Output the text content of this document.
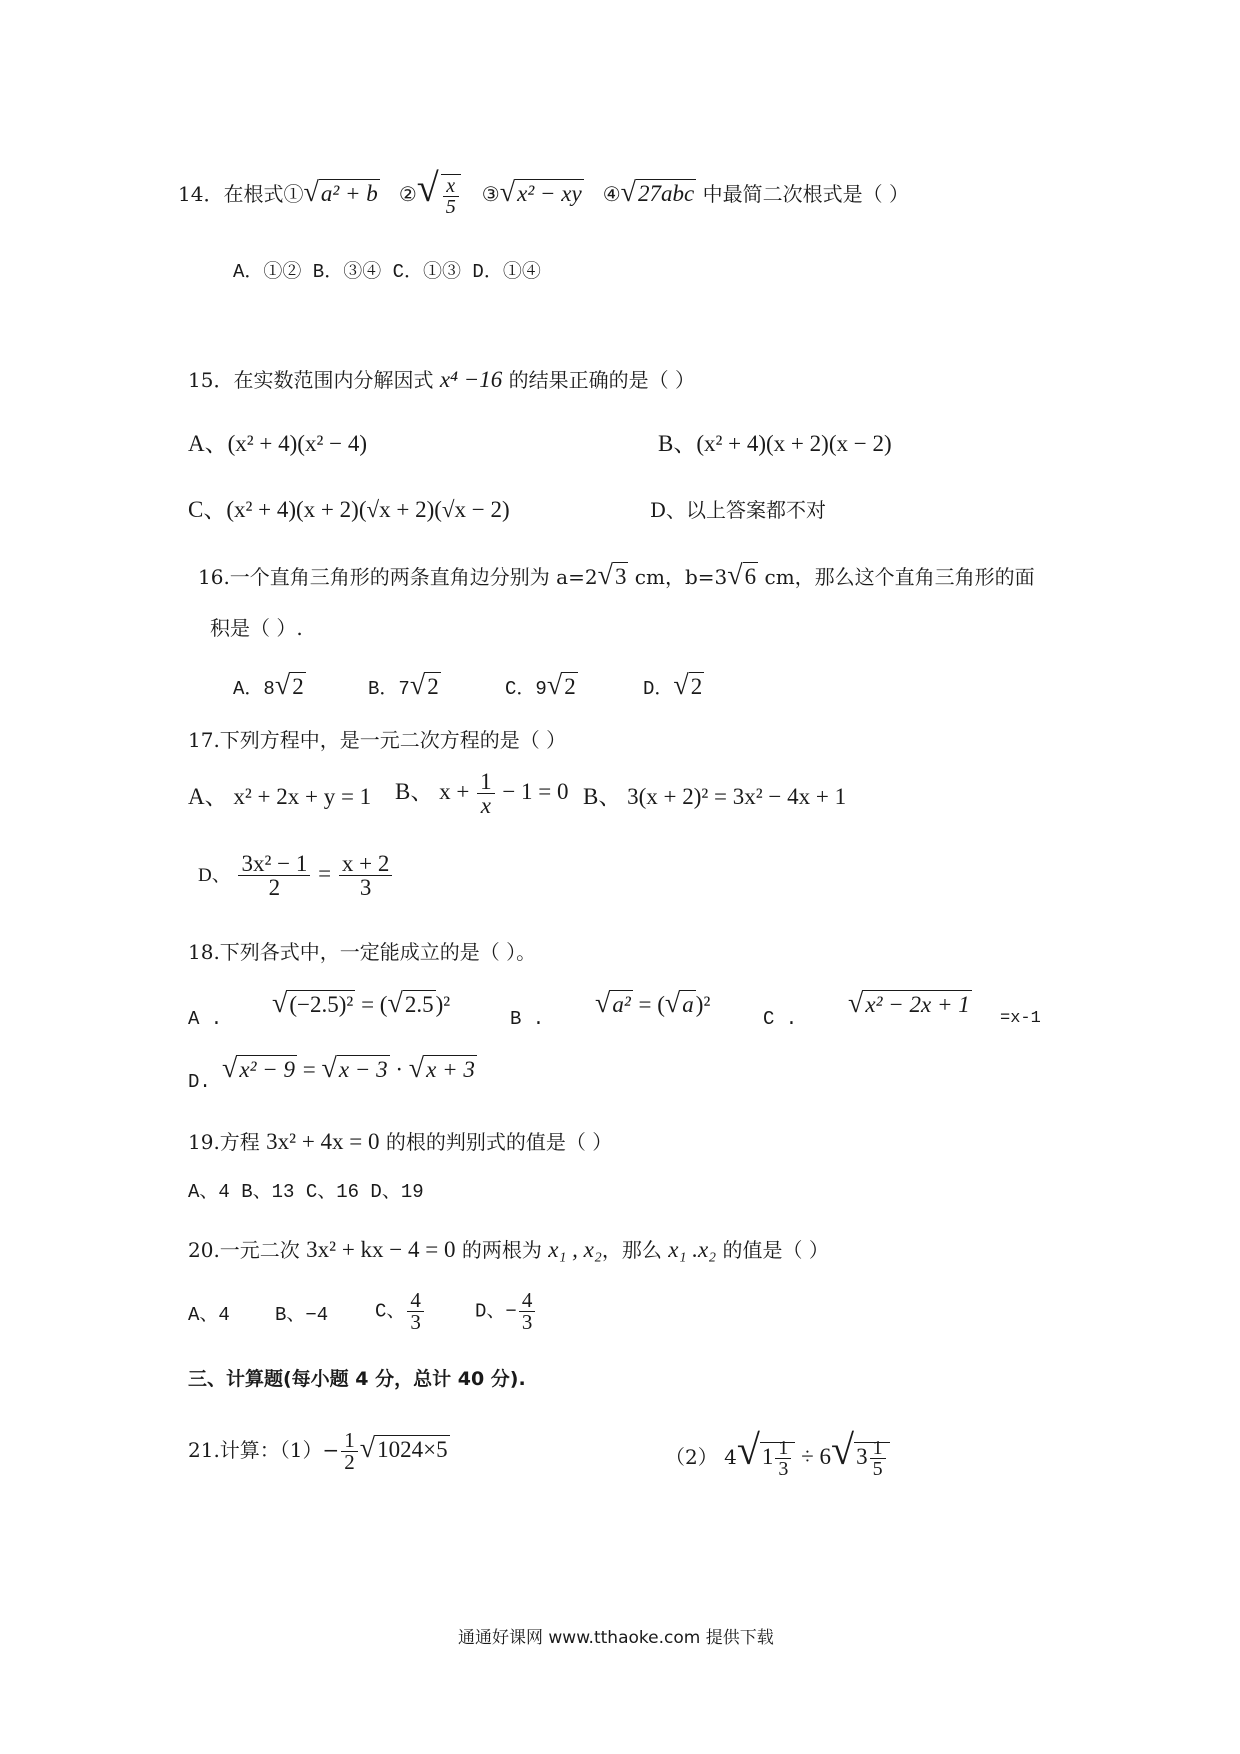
14．在根式①√a² + b ②√ $\frac{x}{5}$ ③√x² − xy ④√27abc 中最简二次根式是（ ）
A．①② B．③④ C．①③ D．①④
15．在实数范围内分解因式 x⁴ −16 的结果正确的是（ ）
A、(x² + 4)(x² − 4)	B、(x² + 4)(x + 2)(x − 2)
C、(x² + 4)(x + 2)(√x + 2)(√x − 2)	D、以上答案都不对
16.一个直角三角形的两条直角边分别为 a=2√3 cm，b=3√6 cm，那么这个直角三角形的面
积是（ ）.
A．8√2	B．7√2	C．9√2	D．√2
17.下列方程中，是一元二次方程的是（ ）
A、 x² + 2x + y = 1 B、 $x + \frac{1}{x} - 1 = 0$ B、 3(x + 2)² = 3x² − 4x + 1
D、 $\frac{\text{3x² − 1}}{2} = \frac{x + 2}{3}$
18.下列各式中，一定能成立的是（ ）。
A . √(−2.5)² = (√2.5)²
B . √a² = (√a)²
C . √x² − 2x + 1
=x-1
D. √x² − 9 = √x − 3 · √x + 3
19.方程 3x² + 4x = 0 的根的判别式的值是（ ）
A、4 B、13 C、16 D、19
20.一元二次 3x² + kx − 4 = 0 的两根为 x₁ , x₂，那么 x₁ .x₂ 的值是（ ）
A、4 B、−4 C、 $\frac{4}{3}$	D、− $\frac{4}{3}$
三、计算题(每小题 4 分，总计 40 分).
21.计算：$(1)- \frac{1}{2} √1024\times 5$	（2） $4√1 \frac{1}{3} \div 6√3 \frac{1}{5}$
通通好课网 www.tthaoke.com 提供下载
